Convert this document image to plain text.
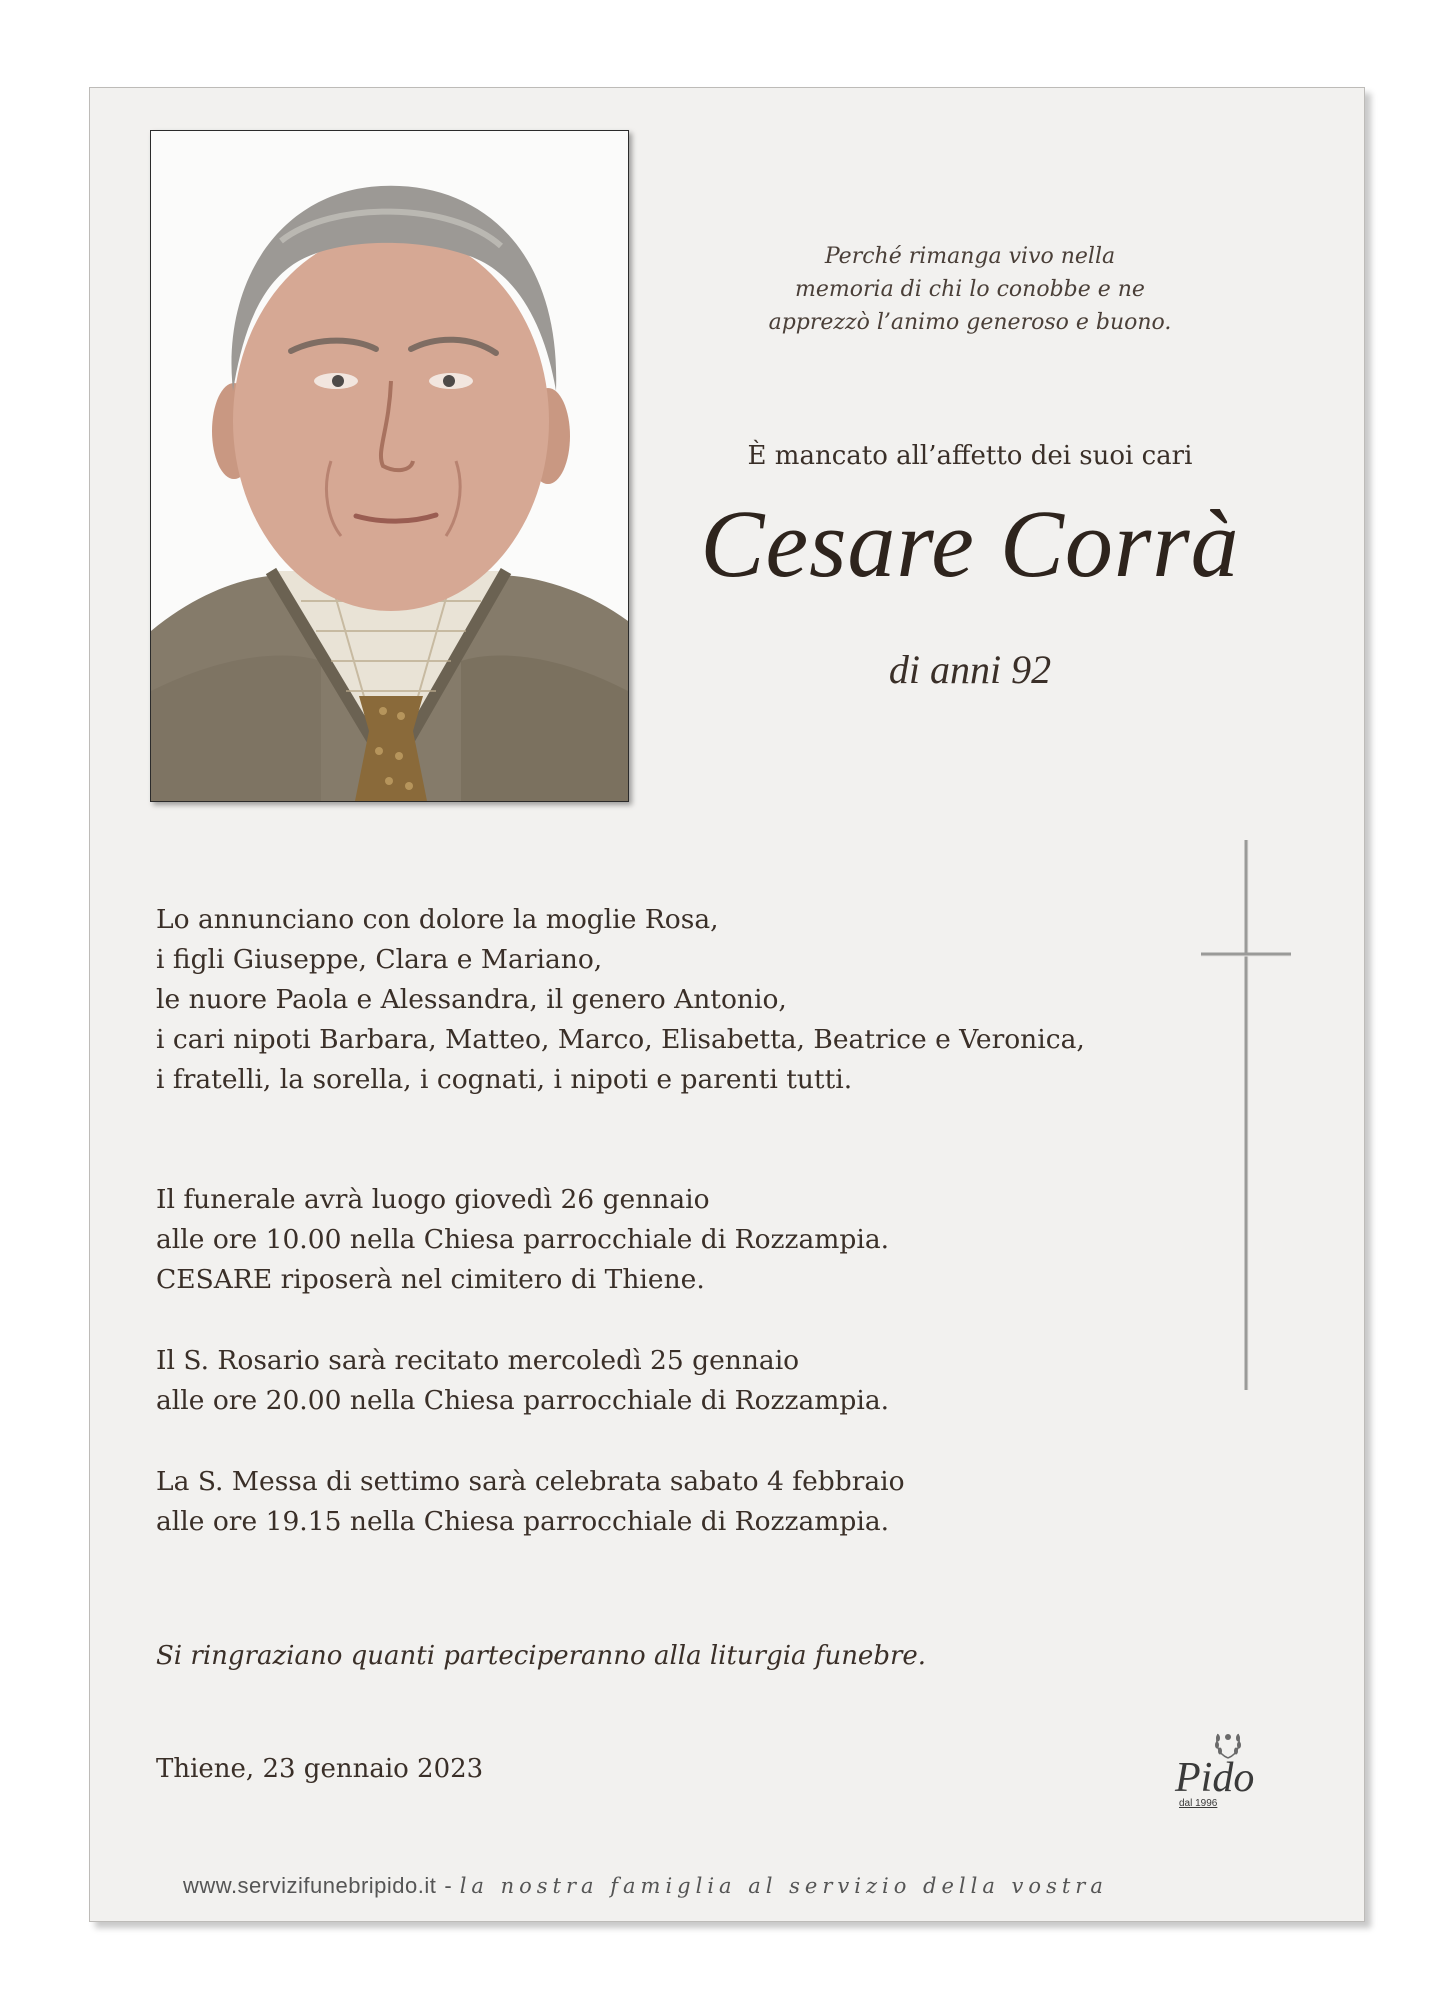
Perché rimanga vivo nella
memoria di chi lo conobbe e ne
apprezzò l’animo generoso e buono.
È mancato all’affetto dei suoi cari
Cesare Corrà
di anni 92
Lo annunciano con dolore la moglie Rosa,
i figli Giuseppe, Clara e Mariano,
le nuore Paola e Alessandra, il genero Antonio,
i cari nipoti Barbara, Matteo, Marco, Elisabetta, Beatrice e Veronica,
i fratelli, la sorella, i cognati, i nipoti e parenti tutti.
Il funerale avrà luogo giovedì 26 gennaio
alle ore 10.00 nella Chiesa parrocchiale di Rozzampia.
CESARE riposerà nel cimitero di Thiene.
Il S. Rosario sarà recitato mercoledì 25 gennaio
alle ore 20.00 nella Chiesa parrocchiale di Rozzampia.
La S. Messa di settimo sarà celebrata sabato 4 febbraio
alle ore 19.15 nella Chiesa parrocchiale di Rozzampia.
Si ringraziano quanti parteciperanno alla liturgia funebre.
Thiene, 23 gennaio 2023	Pido
dal 1996
www.servizifunebripido.it - la nostra famiglia al servizio della vostra
